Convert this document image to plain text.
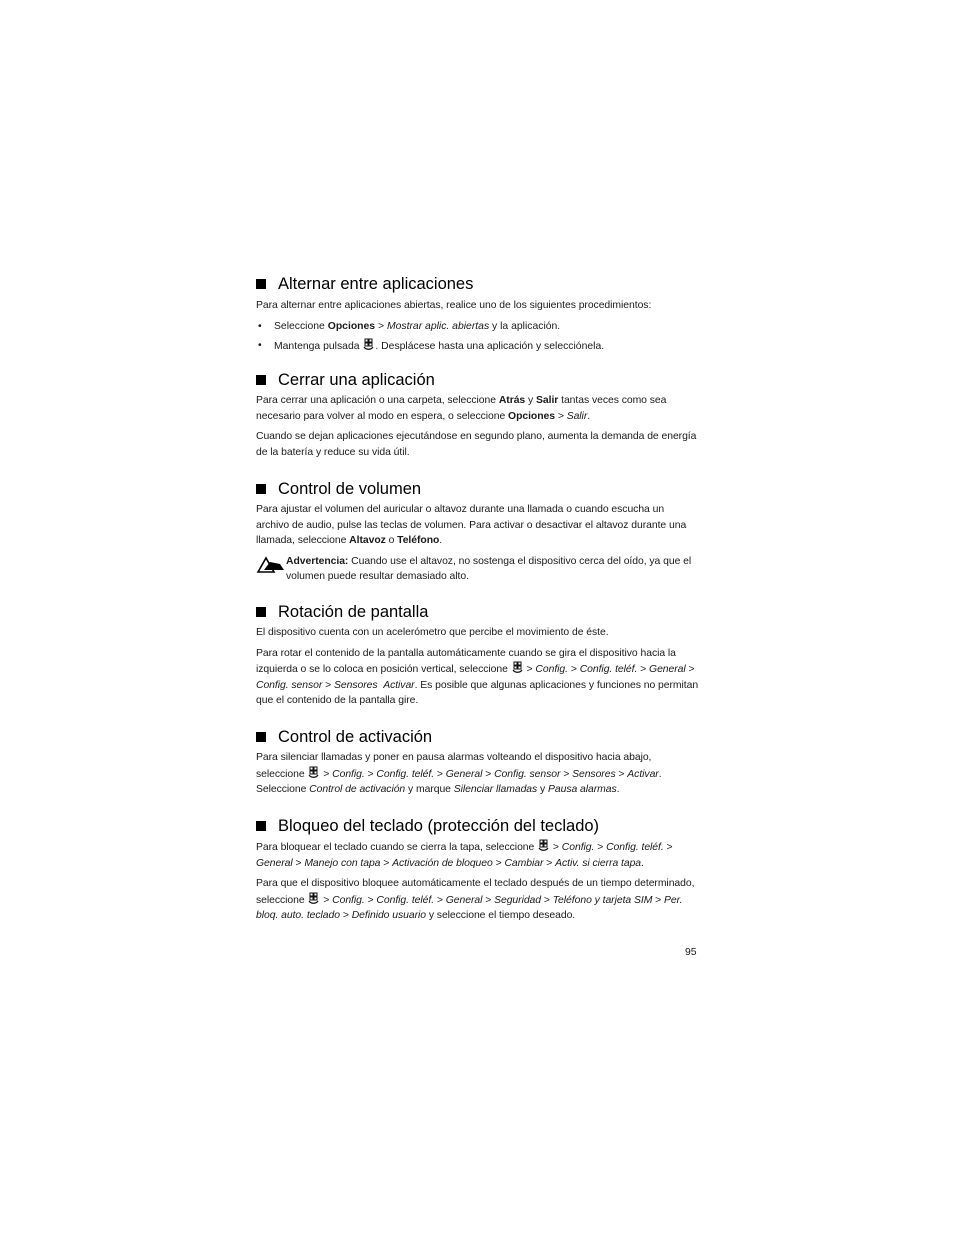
Alternar entre aplicaciones

Para alternar entre aplicaciones abiertas, realice uno de los siguientes procedimientos:

• Seleccione Opciones > Mostrar aplic. abiertas y la aplicación.
• Mantenga pulsada . Desplácese hasta una aplicación y selecciónela.
Cerrar una aplicación

Para cerrar una aplicación o una carpeta, seleccione Atrás y Salir tantas veces como sea necesario para volver al modo en espera, o seleccione Opciones > Salir.

Cuando se dejan aplicaciones ejecutándose en segundo plano, aumenta la demanda de energía de la batería y reduce su vida útil.

Control de volumen

Para ajustar el volumen del auricular o altavoz durante una llamada o cuando escucha un archivo de audio, pulse las teclas de volumen. Para activar o desactivar el altavoz durante una llamada, seleccione Altavoz o Teléfono.

Advertencia: Cuando use el altavoz, no sostenga el dispositivo cerca del oído, ya que el volumen puede resultar demasiado alto.

Rotación de pantalla

El dispositivo cuenta con un acelerómetro que percibe el movimiento de éste.

Para rotar el contenido de la pantalla automáticamente cuando se gira el dispositivo hacia la izquierda o se lo coloca en posición vertical, seleccione  > Config. > Config. teléf. > General > Config. sensor > Sensores Activar. Es posible que algunas aplicaciones y funciones no permitan que el contenido de la pantalla gire.

Control de activación

Para silenciar llamadas y poner en pausa alarmas volteando el dispositivo hacia abajo, seleccione  > Config. > Config. teléf. > General > Config. sensor > Sensores > Activar. Seleccione Control de activación y marque Silenciar llamadas y Pausa alarmas.

Bloqueo del teclado (protección del teclado)

Para bloquear el teclado cuando se cierra la tapa, seleccione  > Config. > Config. teléf. > General > Manejo con tapa > Activación de bloqueo > Cambiar > Activ. si cierra tapa.

Para que el dispositivo bloquee automáticamente el teclado después de un tiempo determinado, seleccione  > Config. > Config. teléf. > General > Seguridad > Teléfono y tarjeta SIM > Per. bloq. auto. teclado > Definido usuario y seleccione el tiempo deseado.

95
